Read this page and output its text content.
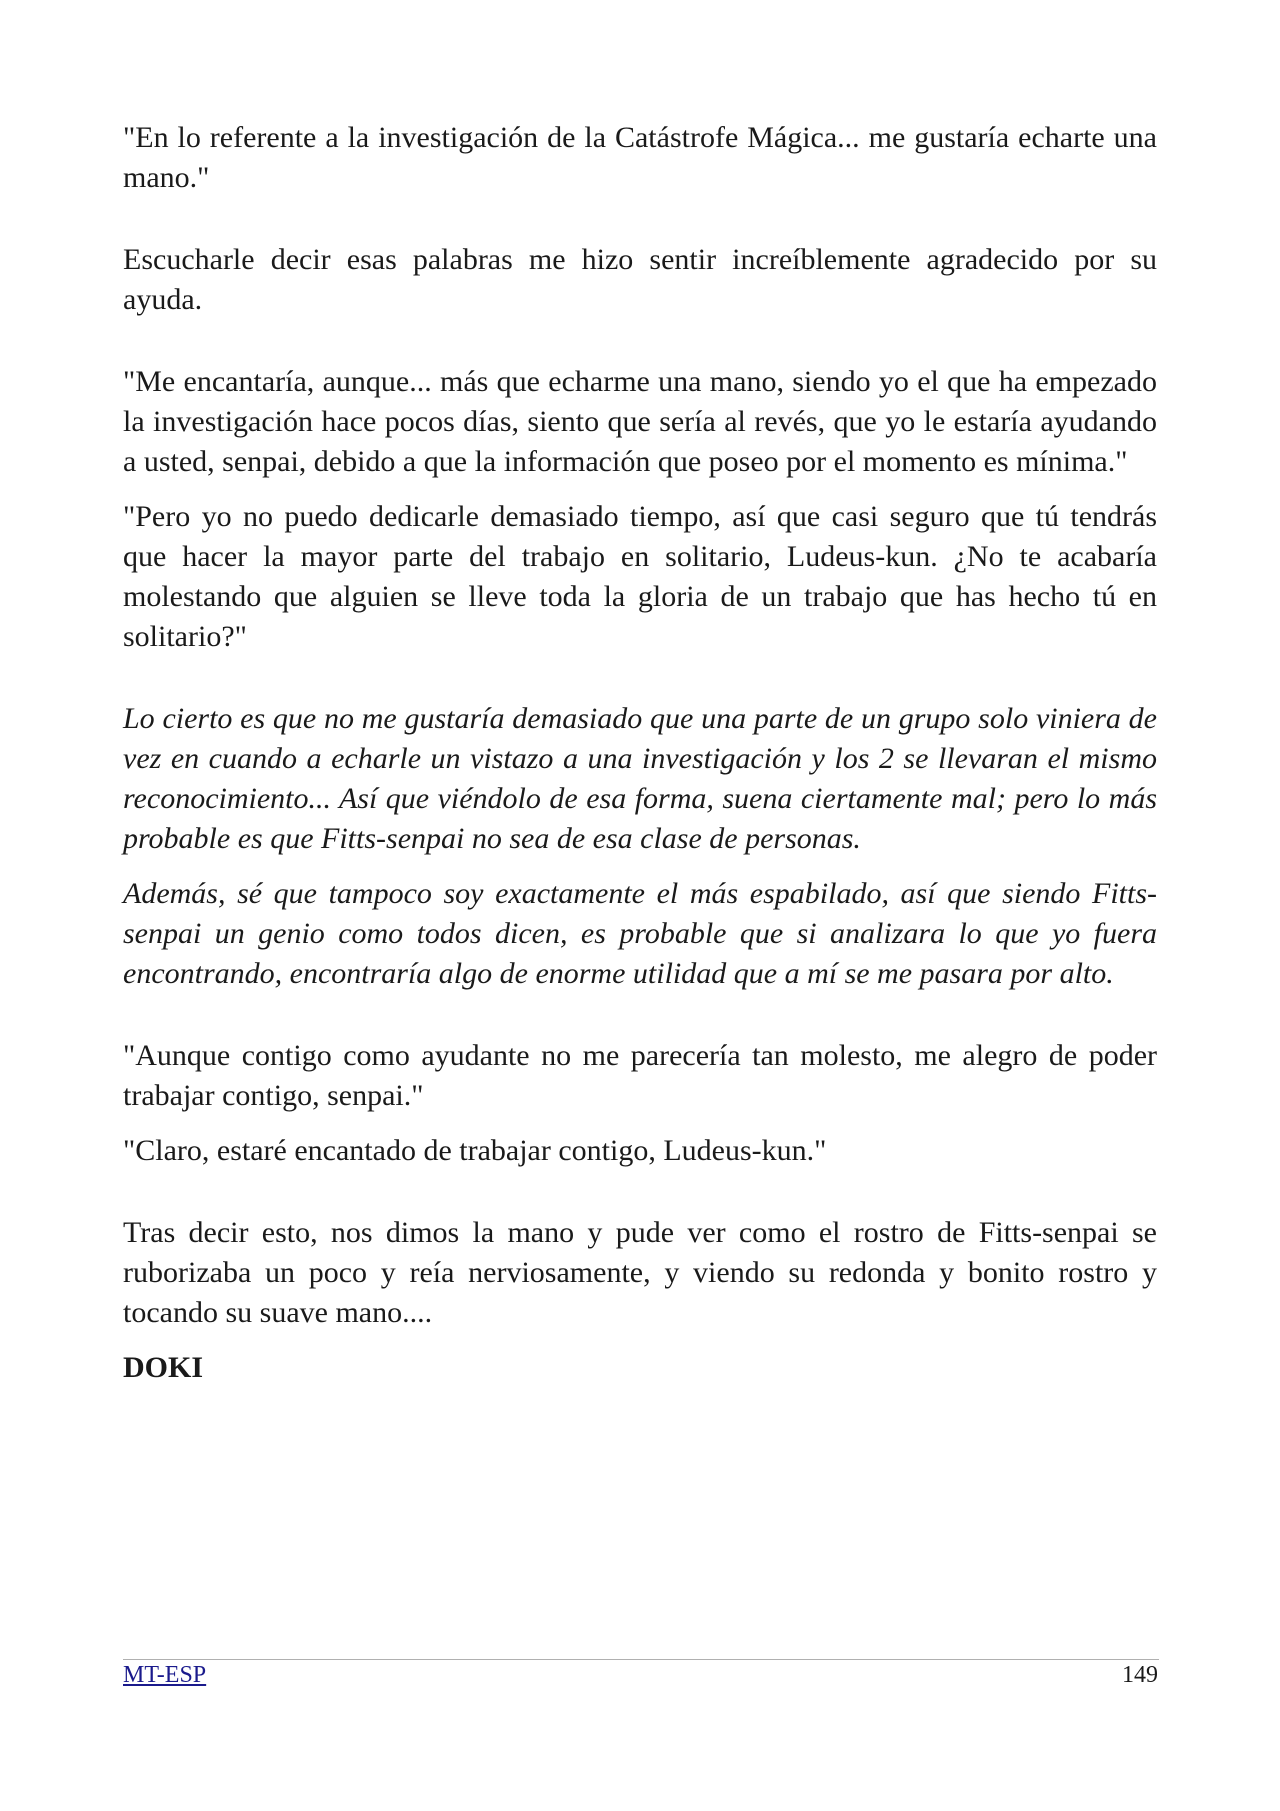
"En lo referente a la investigación de la Catástrofe Mágica... me gustaría echarte una mano."

Escucharle decir esas palabras me hizo sentir increíblemente agradecido por su ayuda.

"Me encantaría, aunque... más que echarme una mano, siendo yo el que ha empezado la investigación hace pocos días, siento que sería al revés, que yo le estaría ayudando a usted, senpai, debido a que la información que poseo por el momento es mínima."

"Pero yo no puedo dedicarle demasiado tiempo, así que casi seguro que tú tendrás que hacer la mayor parte del trabajo en solitario, Ludeus-kun. ¿No te acabaría molestando que alguien se lleve toda la gloria de un trabajo que has hecho tú en solitario?"

Lo cierto es que no me gustaría demasiado que una parte de un grupo solo viniera de vez en cuando a echarle un vistazo a una investigación y los 2 se llevaran el mismo reconocimiento... Así que viéndolo de esa forma, suena ciertamente mal; pero lo más probable es que Fitts-senpai no sea de esa clase de personas.

Además, sé que tampoco soy exactamente el más espabilado, así que siendo Fitts-senpai un genio como todos dicen, es probable que si analizara lo que yo fuera encontrando, encontraría algo de enorme utilidad que a mí se me pasara por alto.

"Aunque contigo como ayudante no me parecería tan molesto, me alegro de poder trabajar contigo, senpai."

"Claro, estaré encantado de trabajar contigo, Ludeus-kun."

Tras decir esto, nos dimos la mano y pude ver como el rostro de Fitts-senpai se ruborizaba un poco y reía nerviosamente, y viendo su redonda y bonito rostro y tocando su suave mano....

DOKI

MT-ESP	149
